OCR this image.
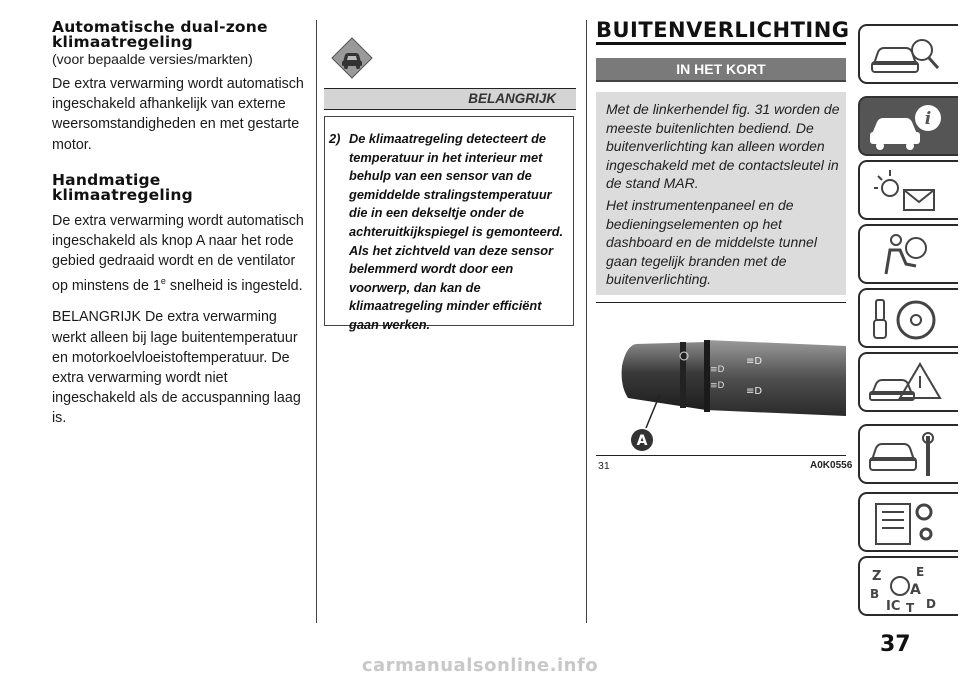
Automatische dual-zone klimaatregeling

(voor bepaalde versies/markten)

De extra verwarming wordt automatisch ingeschakeld afhankelijk van externe weersomstandigheden en met gestarte motor.

Handmatige klimaatregeling

De extra verwarming wordt automatisch ingeschakeld als knop A naar het rode gebied gedraaid wordt en de ventilator op minstens de 1e snelheid is ingesteld.

BELANGRIJK De extra verwarming werkt alleen bij lage buitentemperatuur en motorkoelvloeistoftemperatuur. De extra verwarming wordt niet ingeschakeld als de accuspanning laag is.

BELANGRIJK
2) De klimaatregeling detecteert de temperatuur in het interieur met behulp van een sensor van de gemiddelde stralingstemperatuur die in een dekseltje onder de achteruitkijkspiegel is gemonteerd. Als het zichtveld van deze sensor belemmerd wordt door een voorwerp, dan kan de klimaatregeling minder efficiënt gaan werken.
BUITENVERLICHTING
IN HET KORT

Met de linkerhendel fig. 31 worden de meeste buitenlichten bediend. De buitenverlichting kan alleen worden ingeschakeld met de contactsleutel in de stand MAR.

Het instrumentenpaneel en de bedieningselementen op het dashboard en de middelste tunnel gaan tegelijk branden met de buitenverlichting.

≡D
≡D
≡D
≡D
A
31	A0K0556
i
Z	E
B A
IC T D
37
carmanualsonline.info
